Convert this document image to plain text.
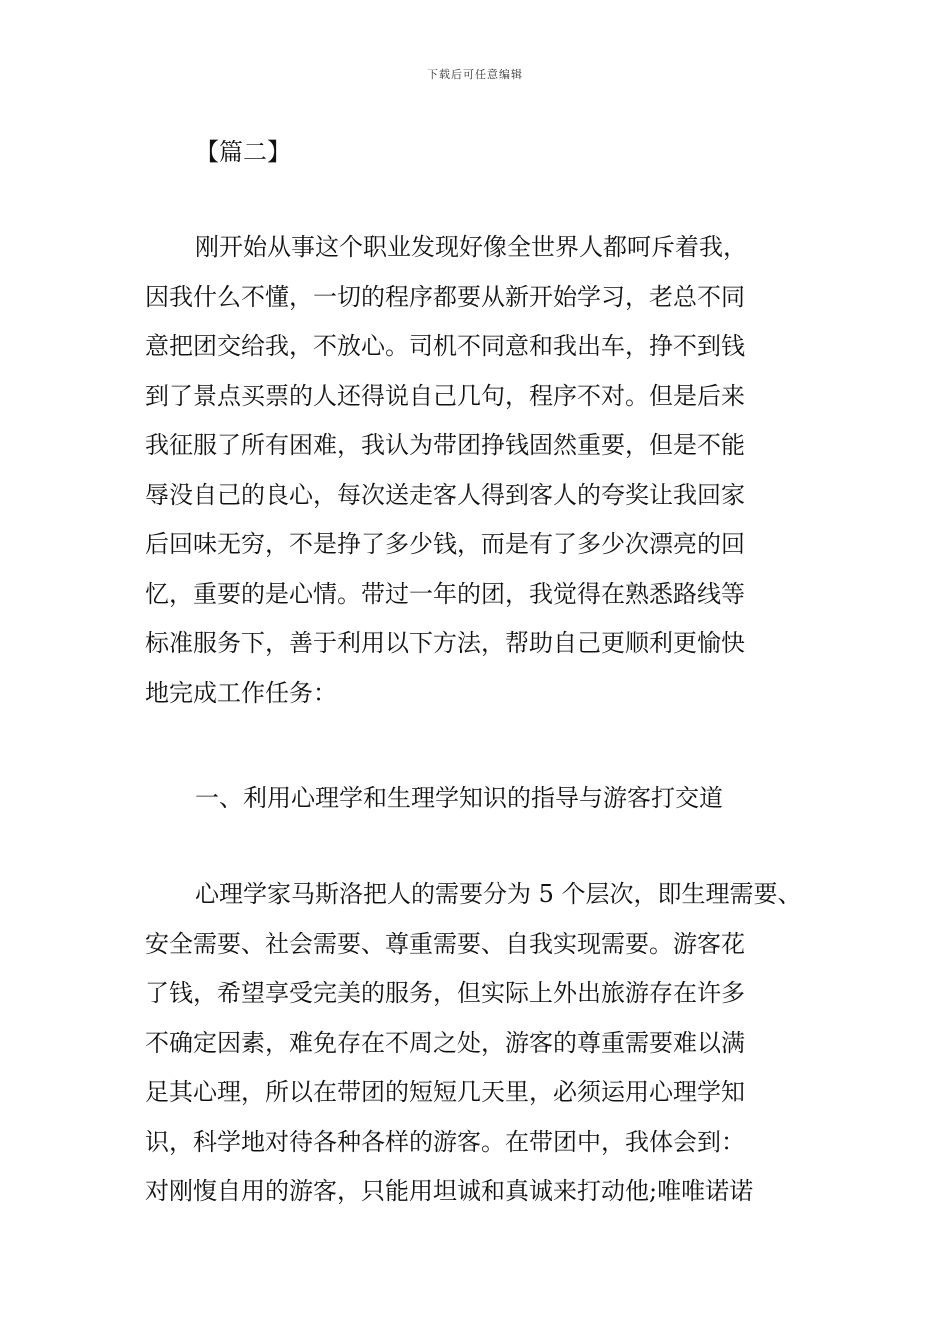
下载后可任意编辑
【篇二】
刚开始从事这个职业发现好像全世界人都呵斥着我，
因我什么不懂，一切的程序都要从新开始学习，老总不同
意把团交给我，不放心。司机不同意和我出车，挣不到钱
到了景点买票的人还得说自己几句，程序不对。但是后来
我征服了所有困难，我认为带团挣钱固然重要，但是不能
辱没自己的良心，每次送走客人得到客人的夸奖让我回家
后回味无穷，不是挣了多少钱，而是有了多少次漂亮的回
忆，重要的是心情。带过一年的团，我觉得在熟悉路线等
标准服务下，善于利用以下方法，帮助自己更顺利更愉快
地完成工作任务：
一、利用心理学和生理学知识的指导与游客打交道
心理学家马斯洛把人的需要分为 5 个层次，即生理需要、
安全需要、社会需要、尊重需要、自我实现需要。游客花
了钱，希望享受完美的服务，但实际上外出旅游存在许多
不确定因素，难免存在不周之处，游客的尊重需要难以满
足其心理，所以在带团的短短几天里，必须运用心理学知
识，科学地对待各种各样的游客。在带团中，我体会到：
对刚愎自用的游客，只能用坦诚和真诚来打动他;唯唯诺诺
